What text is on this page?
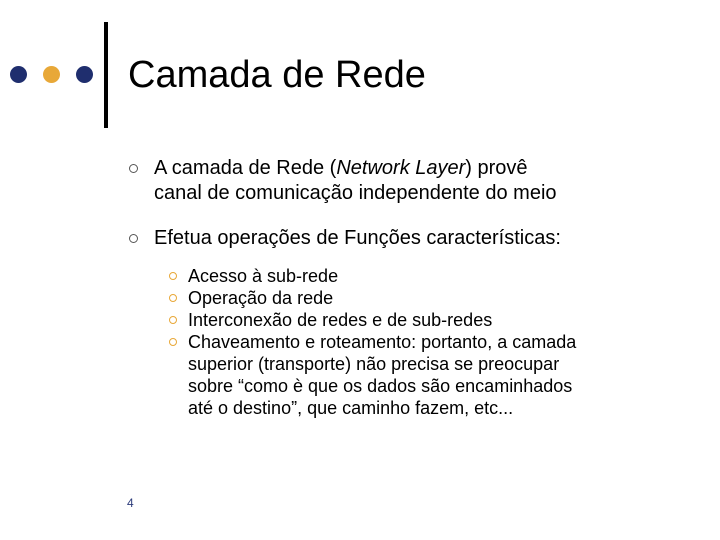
Camada de Rede
A camada de Rede (Network Layer) provê
canal de comunicação independente do meio
Efetua operações de Funções características:
Acesso à sub-rede
Operação da rede
Interconexão de redes e de sub-redes
Chaveamento e roteamento: portanto, a camada
superior (transporte) não precisa se preocupar
sobre “como è que os dados são encaminhados
até o destino”, que caminho fazem, etc...
4
